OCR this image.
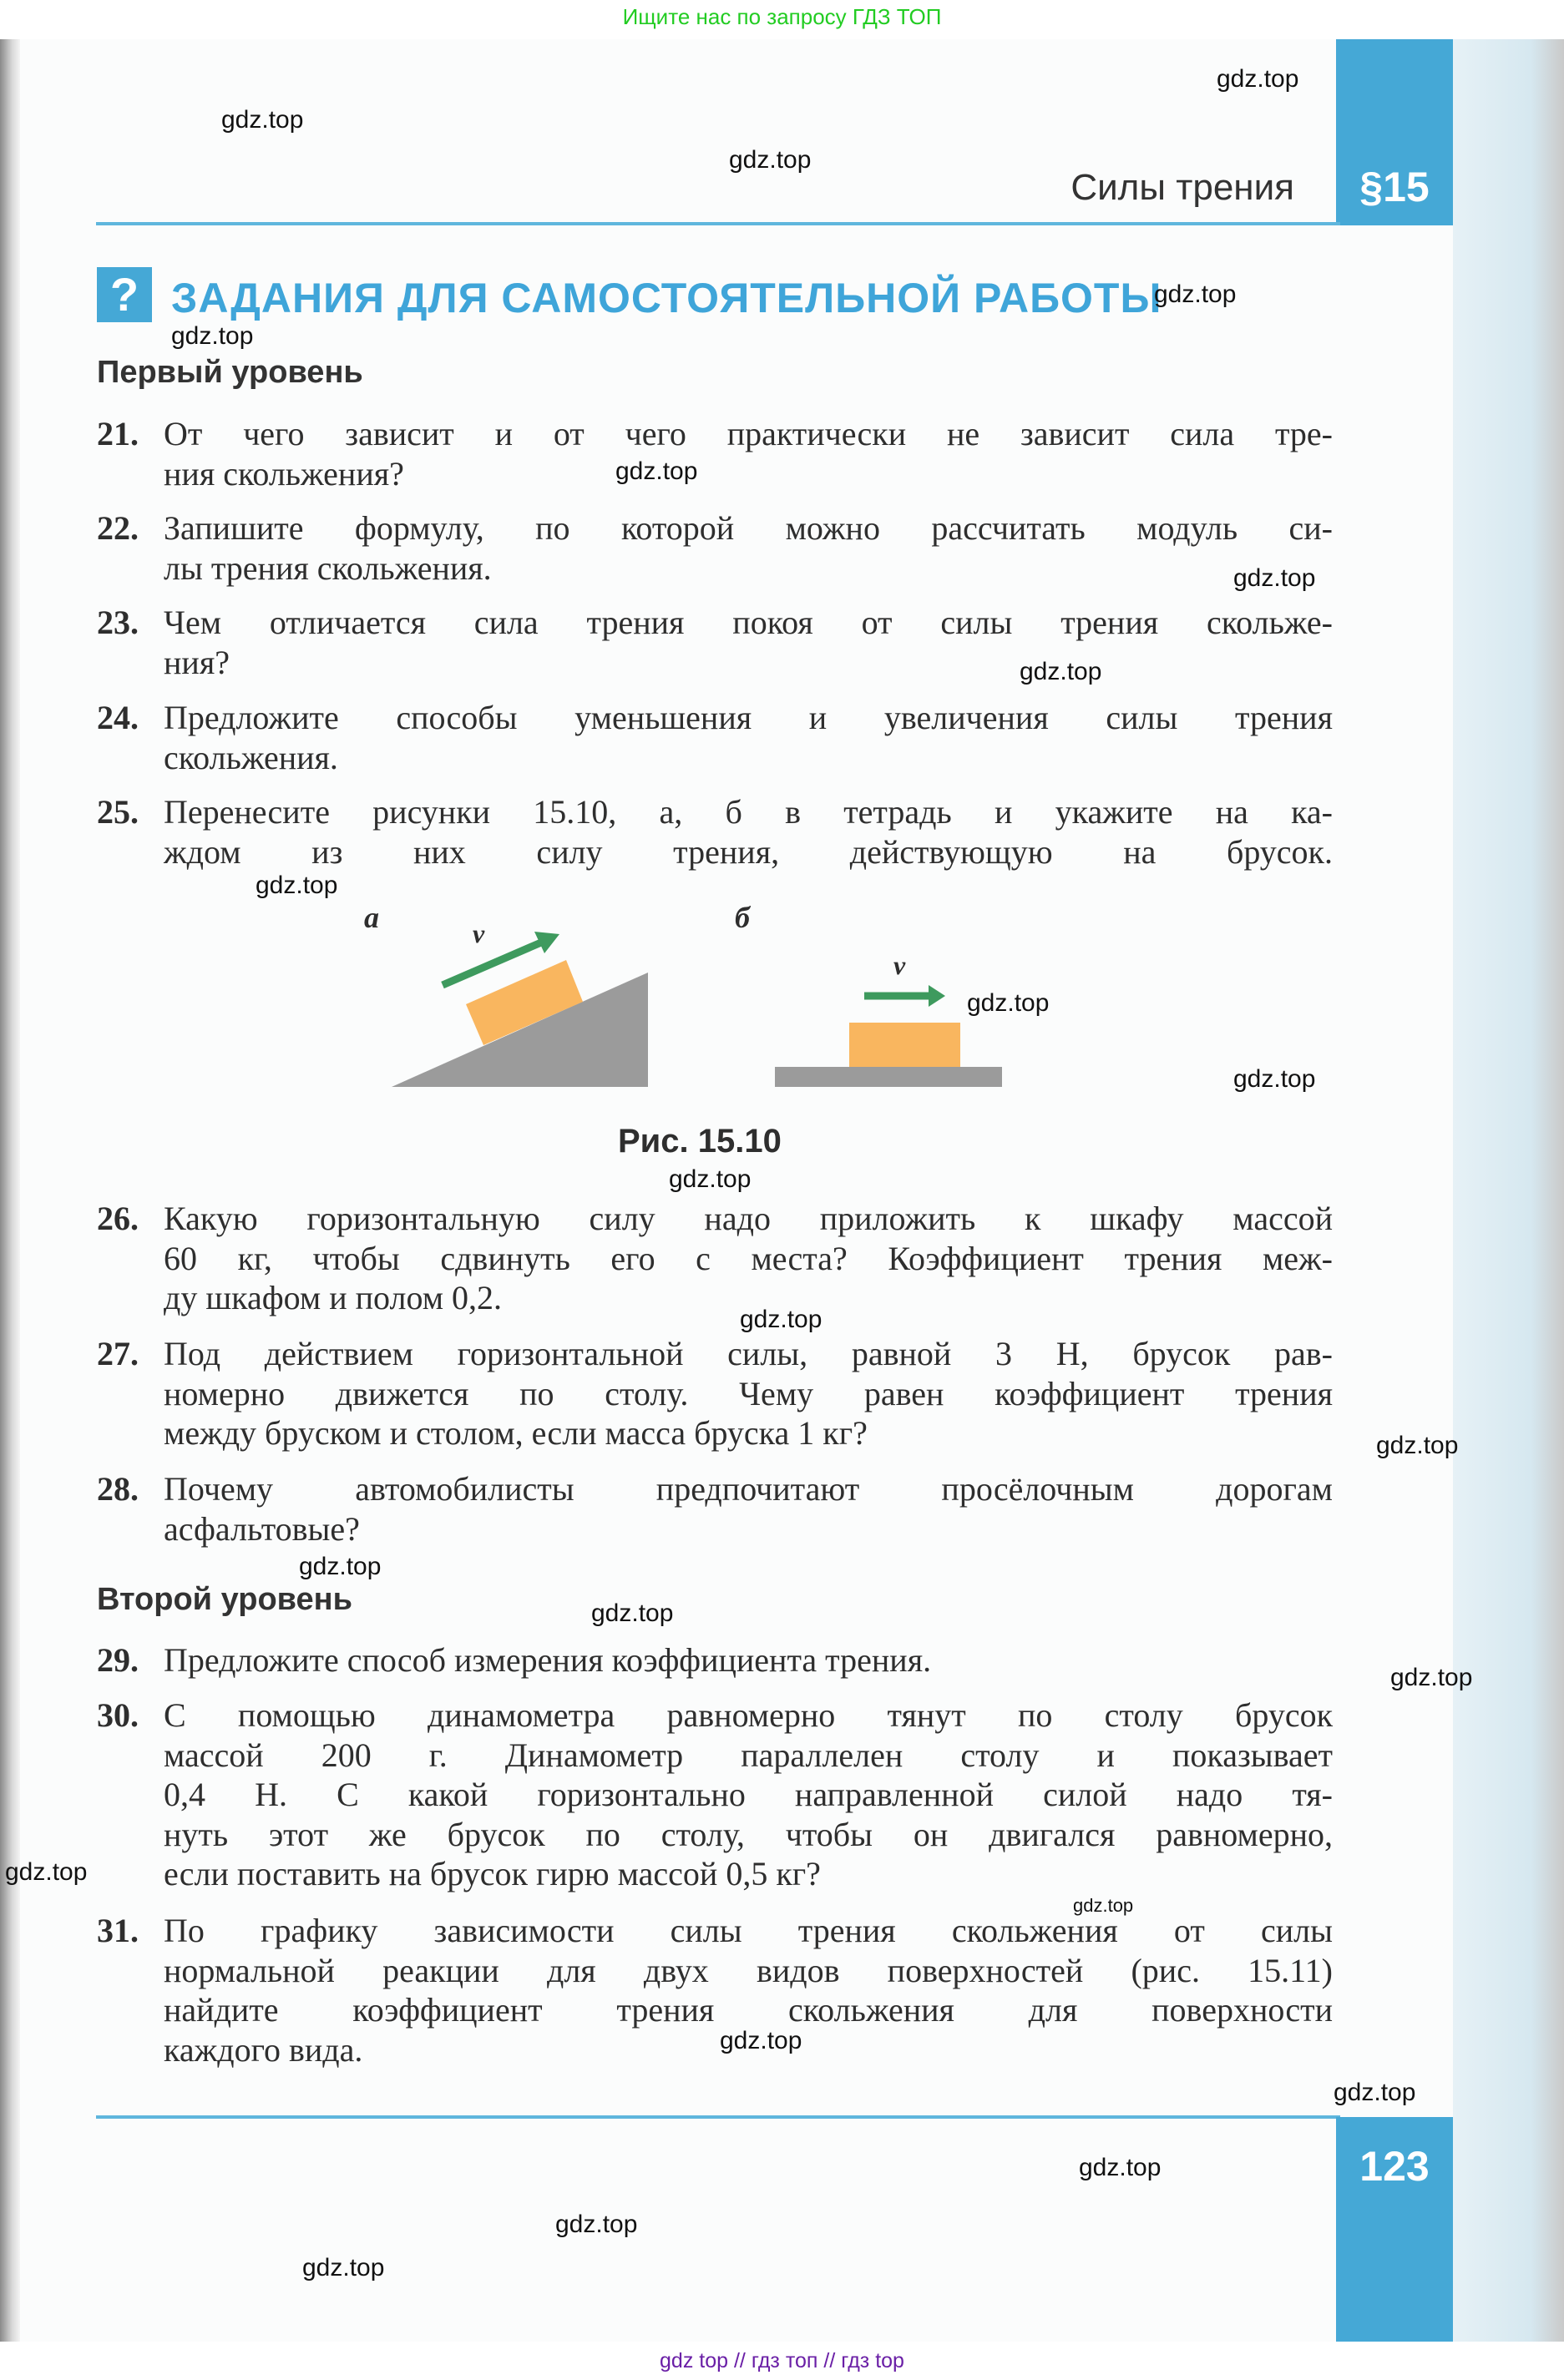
Ищите нас по запросу ГДЗ ТОП
§15
Силы трения
? ЗАДАНИЯ ДЛЯ САМОСТОЯТЕЛЬНОЙ РАБОТЫ
Первый уровень
21. От чего зависит и от чего практически не зависит сила тре-
ния скольжения?
22. Запишите формулу, по которой можно рассчитать модуль си-
лы трения скольжения.
23. Чем отличается сила трения покоя от силы трения скольже-
ния?
24. Предложите способы уменьшения и увеличения силы трения
скольжения.
25. Перенесите рисунки 15.10, а, б в тетрадь и укажите на ка-
ждом из них силу трения, действующую на брусок.
а	б
v⃗
v⃗
Рис. 15.10
26. Какую горизонтальную силу надо приложить к шкафу массой
60 кг, чтобы сдвинуть его с места? Коэффициент трения меж-
ду шкафом и полом 0,2.
27. Под действием горизонтальной силы, равной 3 Н, брусок рав-
номерно движется по столу. Чему равен коэффициент трения
между бруском и столом, если масса бруска 1 кг?
28. Почему автомобилисты предпочитают просёлочным дорогам
асфальтовые?
Второй уровень
29. Предложите способ измерения коэффициента трения.
30. С помощью динамометра равномерно тянут по столу брусок
массой 200 г. Динамометр параллелен столу и показывает
0,4 Н. С какой горизонтально направленной силой надо тя-
нуть этот же брусок по столу, чтобы он двигался равномерно,
если поставить на брусок гирю массой 0,5 кг?
31. По графику зависимости силы трения скольжения от силы
нормальной реакции для двух видов поверхностей (рис. 15.11)
найдите коэффициент трения скольжения для поверхности
каждого вида.
123
gdz.top
gdz.top
gdz.top
gdz.top
gdz.top
gdz.top
gdz.top
gdz.top
gdz.top
gdz.top
gdz.top
gdz.top
gdz.top
gdz.top
gdz.top
gdz.top
gdz.top
gdz.top
gdz.top
gdz.top
gdz.top
gdz.top
gdz.top
gdz.top
gdz top // гдз топ // гдз top
